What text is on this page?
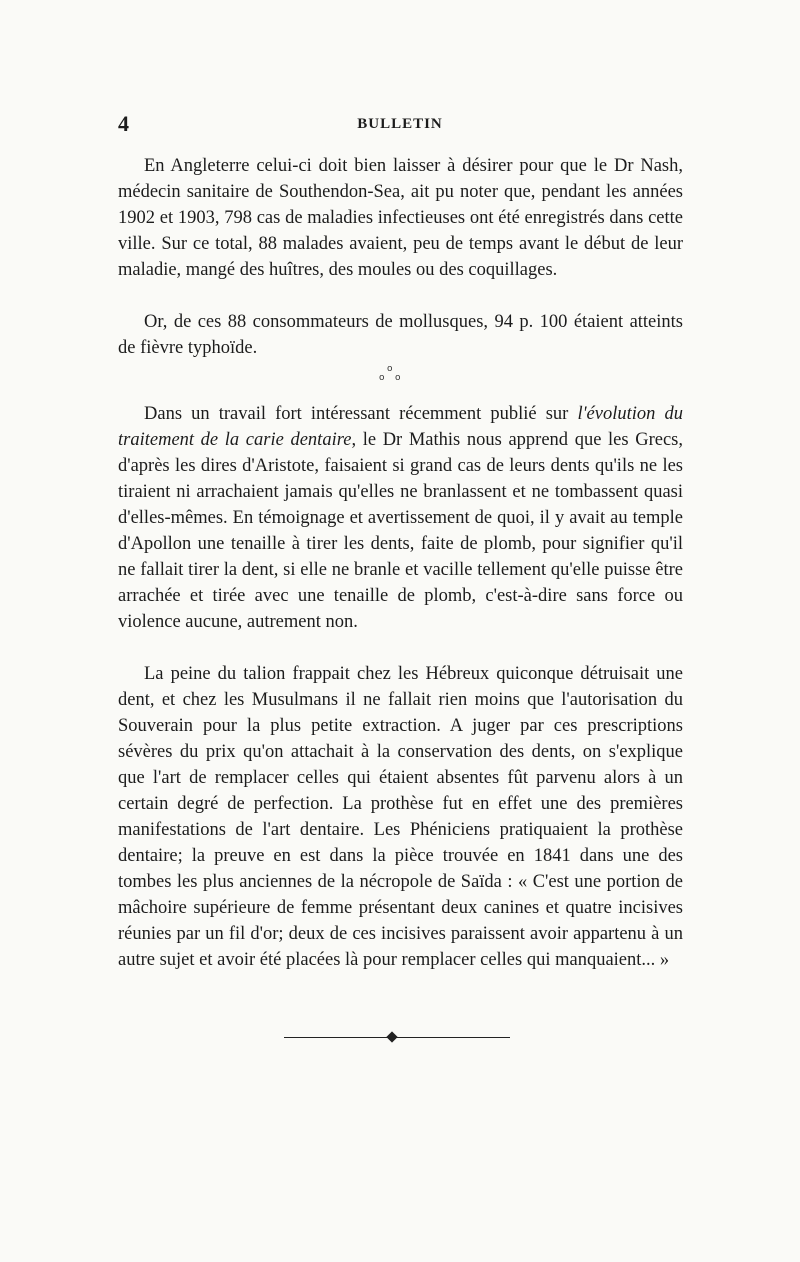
4	BULLETIN

En Angleterre celui-ci doit bien laisser à désirer pour que le Dr Nash, médecin sanitaire de Southendon-Sea, ait pu noter que, pendant les années 1902 et 1903, 798 cas de maladies infectieuses ont été enregistrés dans cette ville. Sur ce total, 88 malades avaient, peu de temps avant le début de leur maladie, mangé des huîtres, des moules ou des coquillages.

Or, de ces 88 consommateurs de mollusques, 94 p. 100 étaient atteints de fièvre typhoïde.

o
o o

Dans un travail fort intéressant récemment publié sur l'évolution du traitement de la carie dentaire, le Dr Mathis nous apprend que les Grecs, d'après les dires d'Aristote, faisaient si grand cas de leurs dents qu'ils ne les tiraient ni arrachaient jamais qu'elles ne branlassent et ne tombassent quasi d'elles-mêmes. En témoignage et avertissement de quoi, il y avait au temple d'Apollon une tenaille à tirer les dents, faite de plomb, pour signifier qu'il ne fallait tirer la dent, si elle ne branle et vacille tellement qu'elle puisse être arrachée et tirée avec une tenaille de plomb, c'est-à-dire sans force ou violence aucune, autrement non.

La peine du talion frappait chez les Hébreux quiconque détruisait une dent, et chez les Musulmans il ne fallait rien moins que l'autorisation du Souverain pour la plus petite extraction. A juger par ces prescriptions sévères du prix qu'on attachait à la conservation des dents, on s'explique que l'art de remplacer celles qui étaient absentes fût parvenu alors à un certain degré de perfection. La prothèse fut en effet une des premières manifestations de l'art dentaire. Les Phéniciens pratiquaient la prothèse dentaire; la preuve en est dans la pièce trouvée en 1841 dans une des tombes les plus anciennes de la nécropole de Saïda : « C'est une portion de mâchoire supérieure de femme présentant deux canines et quatre incisives réunies par un fil d'or; deux de ces incisives paraissent avoir appartenu à un autre sujet et avoir été placées là pour remplacer celles qui manquaient... »
